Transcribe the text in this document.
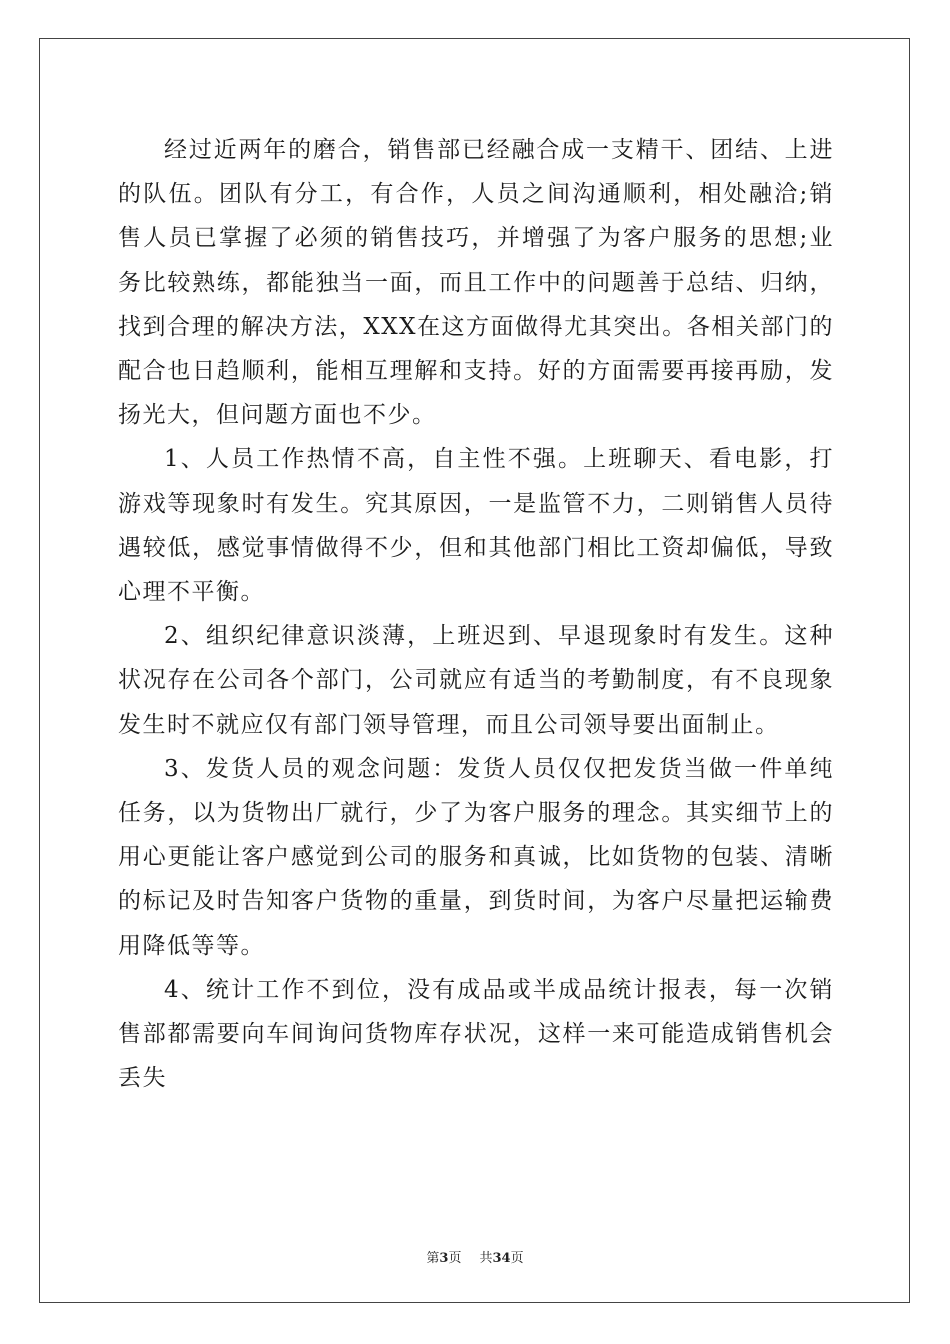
经过近两年的磨合，销售部已经融合成一支精干、团结、上进的队伍。团队有分工，有合作，人员之间沟通顺利，相处融洽;销售人员已掌握了必须的销售技巧，并增强了为客户服务的思想;业务比较熟练，都能独当一面，而且工作中的问题善于总结、归纳，找到合理的解决方法，XXX在这方面做得尤其突出。各相关部门的配合也日趋顺利，能相互理解和支持。好的方面需要再接再励，发扬光大，但问题方面也不少。

1、人员工作热情不高，自主性不强。上班聊天、看电影，打游戏等现象时有发生。究其原因，一是监管不力，二则销售人员待遇较低，感觉事情做得不少，但和其他部门相比工资却偏低，导致心理不平衡。

2、组织纪律意识淡薄，上班迟到、早退现象时有发生。这种状况存在公司各个部门，公司就应有适当的考勤制度，有不良现象发生时不就应仅有部门领导管理，而且公司领导要出面制止。

3、发货人员的观念问题：发货人员仅仅把发货当做一件单纯任务，以为货物出厂就行，少了为客户服务的理念。其实细节上的用心更能让客户感觉到公司的服务和真诚，比如货物的包装、清晰的标记及时告知客户货物的重量，到货时间，为客户尽量把运输费用降低等等。

4、统计工作不到位，没有成品或半成品统计报表，每一次销售部都需要向车间询问货物库存状况，这样一来可能造成销售机会丢失

第3页 共34页
